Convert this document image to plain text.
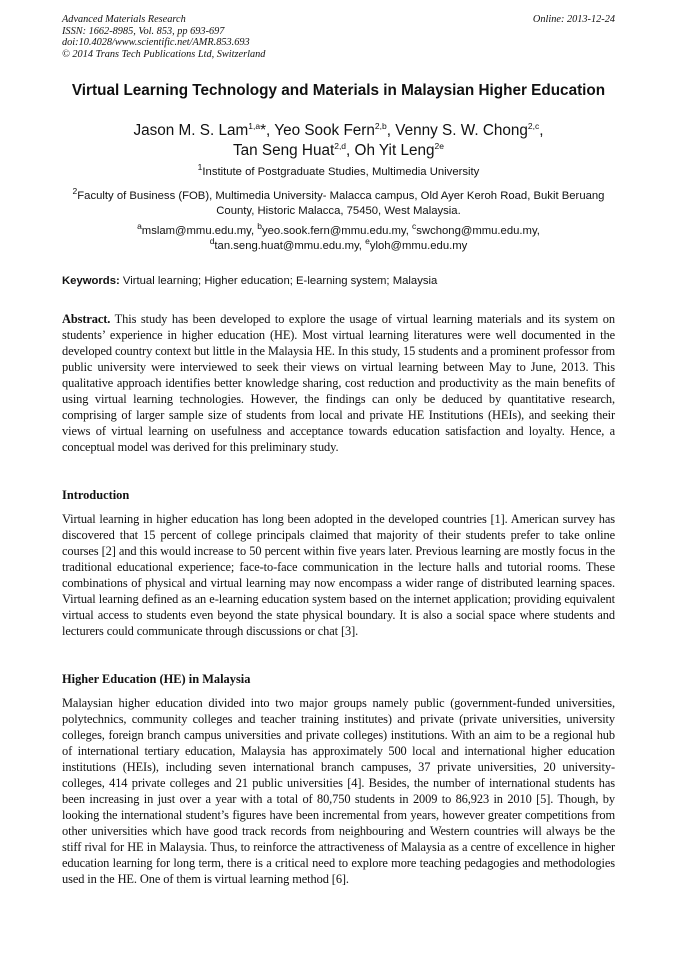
Advanced Materials Research
ISSN: 1662-8985, Vol. 853, pp 693-697
doi:10.4028/www.scientific.net/AMR.853.693
© 2014 Trans Tech Publications Ltd, Switzerland
Online: 2013-12-24
Virtual Learning Technology and Materials in Malaysian Higher Education
Jason M. S. Lam$^{1,a}$*, Yeo Sook Fern$^{2,b}$, Venny S. W. Chong$^{2,c}$,
Tan Seng Huat$^{2,d}$, Oh Yit Leng$^{2e}$
$^1$Institute of Postgraduate Studies, Multimedia University
$^2$Faculty of Business (FOB), Multimedia University- Malacca campus, Old Ayer Keroh Road, Bukit Beruang County, Historic Malacca, 75450, West Malaysia.
$^a$mslam@mmu.edu.my, $^b$yeo.sook.fern@mmu.edu.my, $^c$swchong@mmu.edu.my,
$^d$tan.seng.huat@mmu.edu.my, $^e$yloh@mmu.edu.my
Keywords: Virtual learning; Higher education; E-learning system; Malaysia
Abstract. This study has been developed to explore the usage of virtual learning materials and its system on students’ experience in higher education (HE). Most virtual learning literatures were well documented in the developed country context but little in the Malaysia HE. In this study, 15 students and a prominent professor from public university were interviewed to seek their views on virtual learning between May to June, 2013. This qualitative approach identifies better knowledge sharing, cost reduction and productivity as the main benefits of using virtual learning technologies. However, the findings can only be deduced by quantitative research, comprising of larger sample size of students from local and private HE Institutions (HEIs), and seeking their views of virtual learning on usefulness and acceptance towards education satisfaction and loyalty. Hence, a conceptual model was derived for this preliminary study.
Introduction
Virtual learning in higher education has long been adopted in the developed countries [1]. American survey has discovered that 15 percent of college principals claimed that majority of their students prefer to take online courses [2] and this would increase to 50 percent within five years later. Previous learning are mostly focus in the traditional educational experience; face-to-face communication in the lecture halls and tutorial rooms. These combinations of physical and virtual learning may now encompass a wider range of distributed learning spaces. Virtual learning defined as an e-learning education system based on the internet application; providing equivalent virtual access to students even beyond the state physical boundary. It is also a social space where students and lecturers could communicate through discussions or chat [3].
Higher Education (HE) in Malaysia
Malaysian higher education divided into two major groups namely public (government-funded universities, polytechnics, community colleges and teacher training institutes) and private (private universities, university colleges, foreign branch campus universities and private colleges) institutions. With an aim to be a regional hub of international tertiary education, Malaysia has approximately 500 local and international higher education institutions (HEIs), including seven international branch campuses, 37 private universities, 20 university-colleges, 414 private colleges and 21 public universities [4]. Besides, the number of international students has been increasing in just over a year with a total of 80,750 students in 2009 to 86,923 in 2010 [5]. Though, by looking the international student’s figures have been incremental from years, however greater competitions from other universities which have good track records from neighbouring and Western countries will always be the stiff rival for HE in Malaysia. Thus, to reinforce the attractiveness of Malaysia as a centre of excellence in higher education learning for long term, there is a critical need to explore more teaching pedagogies and methodologies used in the HE. One of them is virtual learning method [6].
